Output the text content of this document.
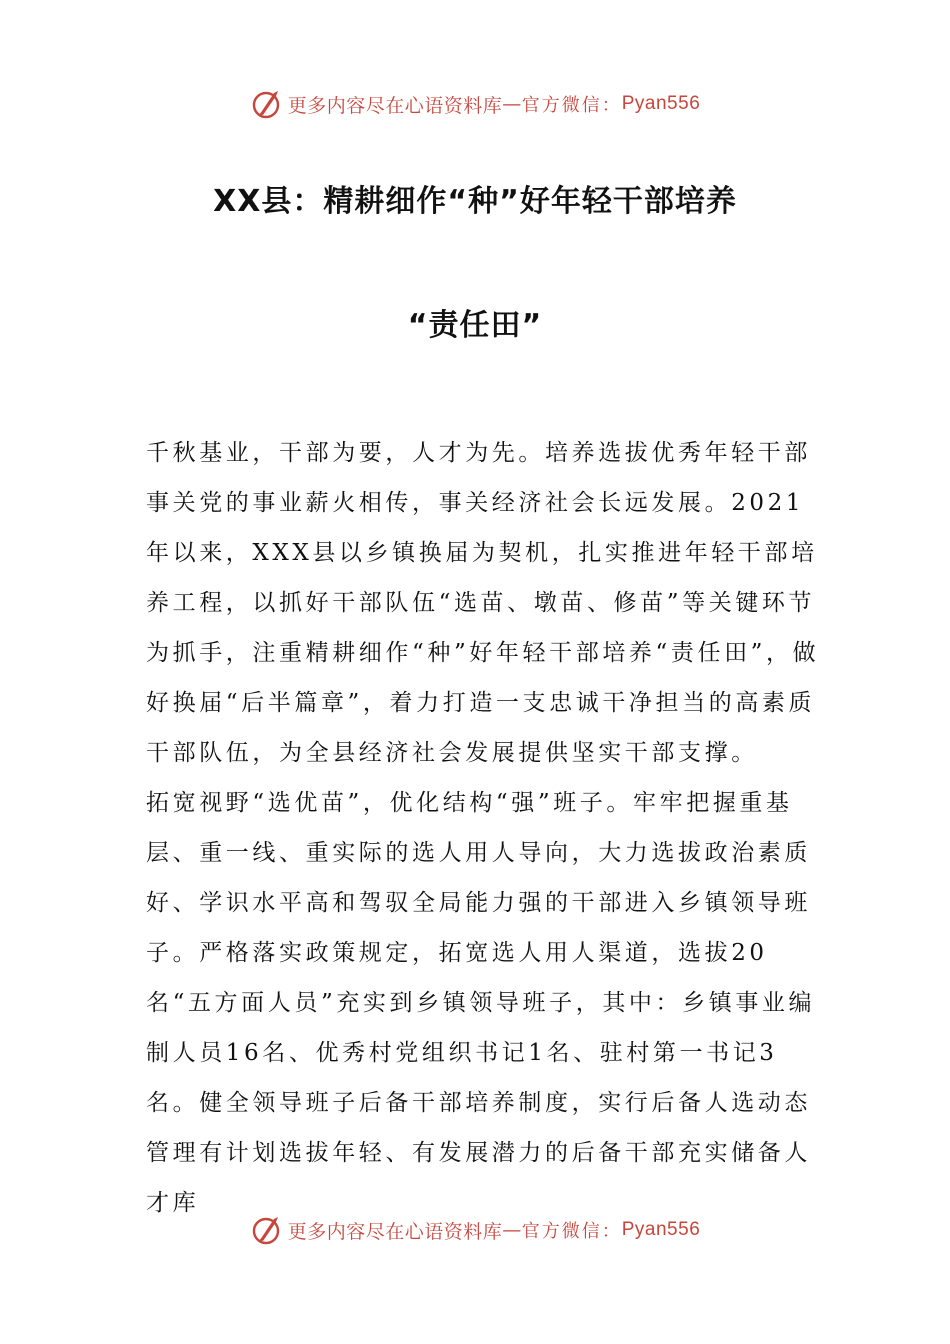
更多内容尽在心语资料库 — 官方微信： Pyan556
XX县：精耕细作“种”好年轻干部培养
“责任田”

千秋基业，干部为要，人才为先。培养选拔优秀年轻干部事关党的事业薪火相传，事关经济社会长远发展。2021年以来，XXX县以乡镇换届为契机，扎实推进年轻干部培养工程，以抓好干部队伍“选苗、墩苗、修苗”等关键环节为抓手，注重精耕细作“种”好年轻干部培养“责任田”，做好换届“后半篇章”，着力打造一支忠诚干净担当的高素质干部队伍，为全县经济社会发展提供坚实干部支撑。

拓宽视野“选优苗”，优化结构“强”班子。牢牢把握重基层、重一线、重实际的选人用人导向，大力选拔政治素质好、学识水平高和驾驭全局能力强的干部进入乡镇领导班子。严格落实政策规定，拓宽选人用人渠道，选拔20名“五方面人员”充实到乡镇领导班子，其中：乡镇事业编制人员16名、优秀村党组织书记1名、驻村第一书记3名。健全领导班子后备干部培养制度，实行后备人选动态管理有计划选拔年轻、有发展潜力的后备干部充实储备人才库

更多内容尽在心语资料库 — 官方微信： Pyan556
